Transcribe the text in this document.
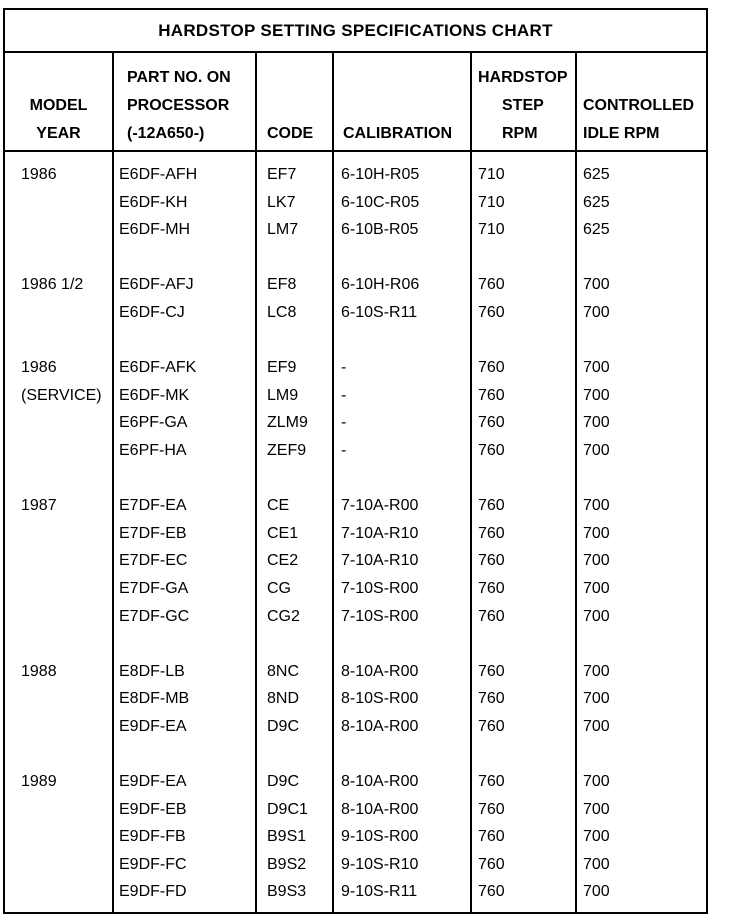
HARDSTOP SETTING SPECIFICATIONS CHART
MODEL
YEAR
PART NO. ON
PROCESSOR
(-12A650-)	CODE CALIBRATION
HARDSTOP
STEP
RPM
CONTROLLED
IDLE RPM
1986
1986 1/2
1986
(SERVICE)
1987
1988
1989
E6DF-AFH
E6DF-KH
E6DF-MH
E6DF-AFJ
E6DF-CJ
E6DF-AFK
E6DF-MK
E6PF-GA
E6PF-HA
E7DF-EA
E7DF-EB
E7DF-EC
E7DF-GA
E7DF-GC
E8DF-LB
E8DF-MB
E9DF-EA
E9DF-EA
E9DF-EB
E9DF-FB
E9DF-FC
E9DF-FD
EF7
LK7
LM7
EF8
LC8
EF9
LM9
ZLM9
ZEF9
CE
CE1
CE2
CG
CG2
8NC
8ND
D9C
D9C
D9C1
B9S1
B9S2
B9S3
6-10H-R05
6-10C-R05
6-10B-R05
6-10H-R06
6-10S-R11
-
-
-
-
7-10A-R00
7-10A-R10
7-10A-R10
7-10S-R00
7-10S-R00
8-10A-R00
8-10S-R00
8-10A-R00
8-10A-R00
8-10A-R00
9-10S-R00
9-10S-R10
9-10S-R11
710
710
710
760
760
760
760
760
760
760
760
760
760
760
760
760
760
760
760
760
760
760
625
625
625
700
700
700
700
700
700
700
700
700
700
700
700
700
700
700
700
700
700
700
